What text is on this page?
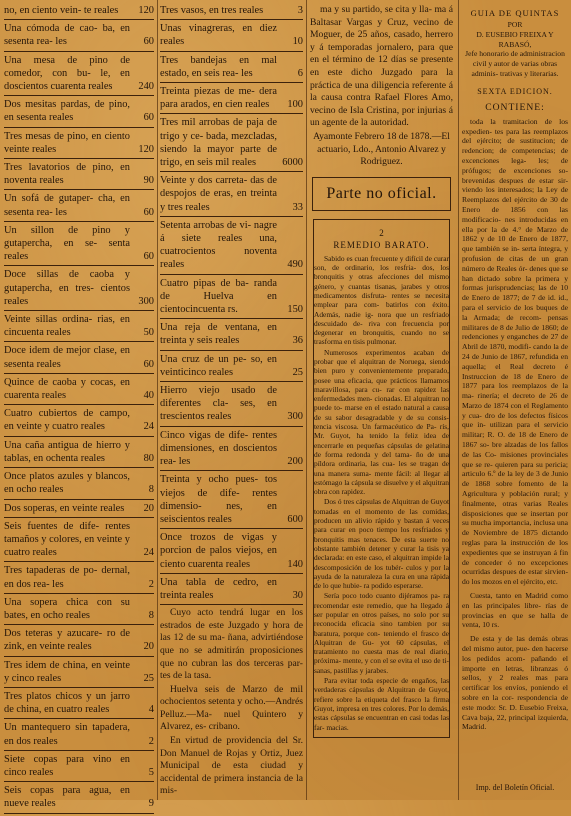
no, en ciento vein- te reales	120
Una cómoda de cao- ba, en sesenta rea- les	60
Una mesa de pino de comedor, con bu- le, en doscientos cuarenta reales	240
Dos mesitas pardas, de pino, en sesenta reales	60
Tres mesas de pino, en ciento veinte reales	120
Tres lavatorios de pino, en noventa reales	90
Un sofá de gutaper- cha, en sesenta rea- les	60
Un sillon de pino y gutapercha, en se- senta reales	60
Doce sillas de caoba y gutapercha, en tres- cientos reales	300
Veinte sillas ordina- rias, en cincuenta reales	50
Doce idem de mejor clase, en sesenta reales	60
Quince de caoba y cocas, en cuarenta reales	40
Cuatro cubiertos de campo, en veinte y cuatro reales	24
Una caña antigua de hierro y tablas, en ochenta reales	80
Once platos azules y blancos, en ocho reales	8
Dos soperas, en veinte reales	20
Seis fuentes de dife- rentes tamaños y colores, en veinte y cuatro reales	24
Tres tapaderas de po- dernal, en dos rea- les	2
Una sopera chica con su bates, en ocho reales	8
Dos teteras y azucare- ro de zink, en veinte reales	20
Tres idem de china, en veinte y cinco reales	25
Tres platos chicos y un jarro de china, en cuatro reales	4
Un mantequero sin tapadera, en dos reales	2
Siete copas para vino en cinco reales	5
Seis copas para agua, en nueve reales	9
Tres vasos, en tres reales	3
Unas vinagreras, en diez reales	10
Tres bandejas en mal estado, en seis rea- les	6
Treinta piezas de me- dera para arados, en cien reales	100
Tres mil arrobas de paja de trigo y ce- bada, mezcladas, siendo la mayor parte de trigo, en seis mil reales	6000
Veinte y dos carreta- das de despojos de eras, en treinta y tres reales	33
Setenta arrobas de vi- nagre á siete reales una, cuatrocientos noventa reales	490
Cuatro pipas de ba- randa de Huelva en cientocincuenta rs.	150
Una reja de ventana, en treinta y seis reales	36
Una cruz de un pe- so, en veinticinco reales	25
Hierro viejo usado de diferentes cla- ses, en trescientos reales	300
Cinco vigas de dife- rentes dimensiones, en doscientos rea- les	200
Treinta y ocho pues- tos viejos de dife- rentes dimensio- nes, en seiscientos reales	600
Once trozos de vigas y porcion de palos viejos, en ciento cuarenta reales	140
Una tabla de cedro, en treinta reales	30

Cuyo acto tendrá lugar en los estrados de este Juzgado y hora de las 12 de su ma- ñana, advirtiéndose que no se admitirán proposiciones que no cubran las dos terceras par- tes de la tasa.

Huelva seis de Marzo de mil ochocientos setenta y ocho.—Andrés Pelluz.—Ma- nuel Quintero y Alvarez, es- cribano.

En virtud de providencia del Sr. Don Manuel de Rojas y Ortiz, Juez Municipal de esta ciudad y accidental de primera instancia de la mis-

ma y su partido, se cita y lla- ma á Baltasar Vargas y Cruz, vecino de Moguer, de 25 años, casado, herrero y á temporadas jornalero, para que en el término de 12 días se presente en este dicho Juzgado para la práctica de una diligencia referente á la causa contra Rafael Flores Amo, vecino de Isla Cristina, por injurias á un agente de la autoridad.

Ayamonte Febrero 18 de 1878.—El actuario, Ldo., Antonio Alvarez y Rodriguez.

Parte no oficial.
2
REMEDIO BARATO.

Sabido es cuan frecuente y difícil de curar son, de ordinario, los resfria- dos, los bronquitis y otras afecciones del mismo género, y cuantas tisanas, jarabes y otros medicamentos disfruta- rentes se necesita emplear para com- batirlos con éxito. Además, nadie ig- nora que un resfriado descuidado de- riva con frecuencia por degenerar en bronquitis, cuando no se trasforma en tisis pulmonar.

Numerosos experimentos acaban de probar que el alquitran de Noruega, siendo bien puro y convenientemente preparado, posee una eficacia, que prácticos llamamos maravillosa, para cu- rar con rapidez las enfermedades men- cionadas. El alquitran no puede to- marse en el estado natural a causa de su sabor desagradable y de su consis- tencia viscosa. Un farmacéutico de Pa- rís, Mr. Guyot, ha tenido la feliz idea de encerrarle en pequeñas cápsulas de gelatina de forma redonda y del tama- ño de una píldora ordinaria, las cua- les se tragan de una manera suma- mente fácil: al llegar al estómago la cápsula se disuelve y el alquitran obra con rapidez.

Dos ó tres cápsulas de Alquitran de Guyot tomadas en el momento de las comidas, producen un alivio rápido y bastan á veces para curar en poco tiempo los resfriados y bronquitis mas tenaces. De esta suerte no obstante también detener y curar la tisis ya declarada: en este caso, el alquitran impide la descomposición de los tubér- culos y por la ayuda de la naturaleza la cura en una rápida de lo que hubie- ra podido esperarse.

Sería poco todo cuanto dijéramos pa- ra recomendar este remedio, que ha llegado á ser popular en otros países, no solo por su reconocida eficacia sino tambien por su baratura, porque con- teniendo el frasco de Alquitran de Gu- yot 60 cápsulas, el tratamiento no cuesta mas de real diario, próxima- mente, y con el se evita el uso de ti- sanas, pastillas y jarabes.

Para evitar toda especie de engaños, las verdaderas cápsulas de Alquitran de Guyot, refiere sobre la etiqueta del frasco la firma Guyot, impresa en tres colores. Por lo demás, estas cápsulas se encuentran en casi todas las far- macias.

GUIA DE QUINTAS

POR

D. EUSEBIO FREIXA Y RABASÓ,

Jefe honorario de administracion civil y autor de varias obras adminis- trativas y literarias.

SEXTA EDICION.
CONTIENE:

toda la tramitacion de los expedien- tes para las reemplazos del ejército; de sustitucion; de redencion; de competencias; de excenciones lega- les; de prófugos; de excenciones so- brevenidas despues de estar sir- viendo los interesados; la Ley de Reemplazos del ejército de 30 de Enero de 1856 con las modificacio- nes introducidas en ella por la de 4.° de Marzo de 1862 y de 10 de Enero de 1877, que también se in- serta íntegra, y profusion de citas de un gran número de Reales ór- denes que se han dictado sobre la primera y formas jurisprudencias; las de 10 de Enero de 1877; de 7 de id. id., para el servicio de los buques de la Armada; de recom- pensas militares de 8 de Julio de 1860; de redenciones y enganches de 27 de Abril de 1870, modifi- cando la de 24 de Junio de 1867, refundida en aquella; el Real decreto é Instruccion de 18 de Enero de 1877 para los reemplazos de la ma- rinería; el decreto de 26 de Marzo de 1874 con el Reglamento y cua- dro de los defectos físicos que in- utilizan para el servicio militar; R. O. de 18 de Enero de 1867 so- bre alzadas de los fallos de las Co- misiones provinciales que se re- quieren para su pericia; articulo 6.º de la ley de 3 de Junio de 1868 sobre fomento de la Agricultura y población rural; y finalmente, otras varias Reales disposiciones que se insertan por su mucha importancia, inclusa una de Noviembre de 1875 dictando reglas para la instrucción de los expedientes que se instruyan á fin de conceder ó no excepciones ocurridas despues de estar sirvien- do los mozos en el ejército, etc.

Cuesta, tanto en Madrid como en las principales libre- rías de provincias en que se halla de venta, 10 rs.

De esta y de las demás obras del mismo autor, pue- den hacerse los pedidos acom- pañando el importe en letras, libranzas ó sellos, y 2 reales mas para certificar los envíos, poniendo el sobre en la cor- respondencia de este modo: Sr. D. Eusebio Freixa, Cava baja, 22, principal izquierda, Madrid.

Imp. del Boletín Oficial.
